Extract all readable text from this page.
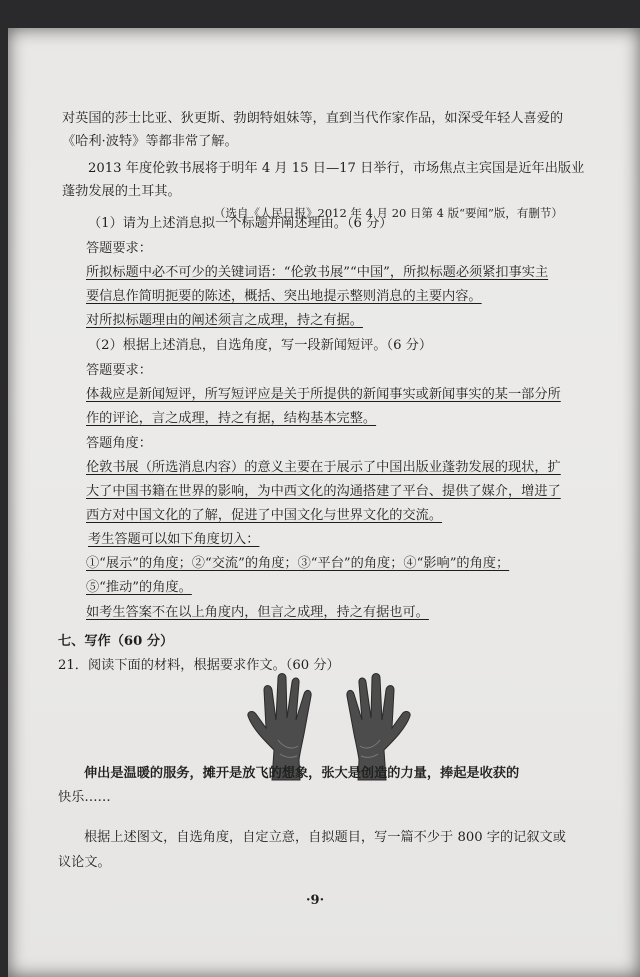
对英国的莎士比亚、狄更斯、勃朗特姐妹等，直到当代作家作品，如深受年轻人喜爱的
《哈利·波特》等都非常了解。
2013 年度伦敦书展将于明年 4 月 15 日—17 日举行，市场焦点主宾国是近年出版业
蓬勃发展的土耳其。
（选自《人民日报》2012 年 4 月 20 日第 4 版“要闻”版，有删节）
（1）请为上述消息拟一个标题并阐述理由。（6 分）
答题要求：
所拟标题中必不可少的关键词语：“伦敦书展”“中国”，所拟标题必须紧扣事实主
要信息作简明扼要的陈述，概括、突出地提示整则消息的主要内容。
对所拟标题理由的阐述须言之成理，持之有据。
（2）根据上述消息，自选角度，写一段新闻短评。（6 分）
答题要求：
体裁应是新闻短评，所写短评应是关于所提供的新闻事实或新闻事实的某一部分所
作的评论，言之成理，持之有据，结构基本完整。
答题角度：
伦敦书展（所选消息内容）的意义主要在于展示了中国出版业蓬勃发展的现状，扩
大了中国书籍在世界的影响，为中西文化的沟通搭建了平台、提供了媒介，增进了
西方对中国文化的了解，促进了中国文化与世界文化的交流。
考生答题可以如下角度切入：
①“展示”的角度；②“交流”的角度；③“平台”的角度；④“影响”的角度；
⑤“推动”的角度。
如考生答案不在以上角度内，但言之成理，持之有据也可。
七、写作（60 分）
21．阅读下面的材料，根据要求作文。（60 分）
伸出是温暖的服务，摊开是放飞的想象，张大是创造的力量，捧起是收获的
快乐……
根据上述图文，自选角度，自定立意，自拟题目，写一篇不少于 800 字的记叙文或
议论文。
·9·
